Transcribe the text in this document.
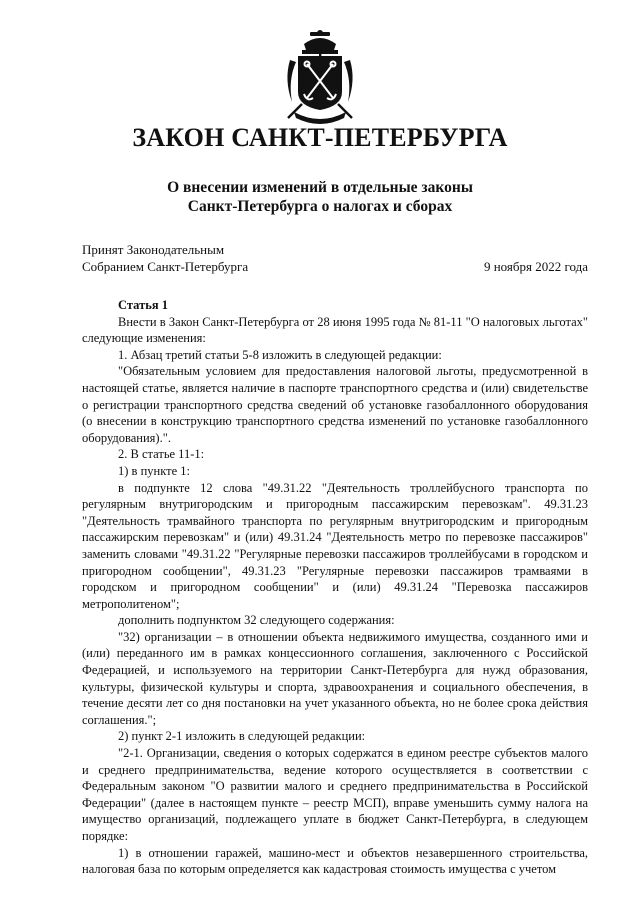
ЗАКОН САНКТ-ПЕТЕРБУРГА
О внесении изменений в отдельные законы
Санкт-Петербурга о налогах и сборах
Принят Законодательным
Собранием Санкт-Петербурга	9 ноября 2022 года

Статья 1

Внести в Закон Санкт-Петербурга от 28 июня 1995 года № 81-11 "О налоговых льготах" следующие изменения:

1. Абзац третий статьи 5-8 изложить в следующей редакции:

"Обязательным условием для предоставления налоговой льготы, предусмотренной в настоящей статье, является наличие в паспорте транспортного средства и (или) свидетельстве о регистрации транспортного средства сведений об установке газобаллонного оборудования (о внесении в конструкцию транспортного средства изменений по установке газобаллонного оборудования).".

2. В статье 11-1:

1) в пункте 1:

в подпункте 12 слова "49.31.22 "Деятельность троллейбусного транспорта по регулярным внутригородским и пригородным пассажирским перевозкам". 49.31.23 "Деятельность трамвайного транспорта по регулярным внутригородским и пригородным пассажирским перевозкам" и (или) 49.31.24 "Деятельность метро по перевозке пассажиров" заменить словами "49.31.22 "Регулярные перевозки пассажиров троллейбусами в городском и пригородном сообщении", 49.31.23 "Регулярные перевозки пассажиров трамваями в городском и пригородном сообщении" и (или) 49.31.24 "Перевозка пассажиров метрополитеном";

дополнить подпунктом 32 следующего содержания:

"32) организации – в отношении объекта недвижимого имущества, созданного ими и (или) переданного им в рамках концессионного соглашения, заключенного с Российской Федерацией, и используемого на территории Санкт-Петербурга для нужд образования, культуры, физической культуры и спорта, здравоохранения и социального обеспечения, в течение десяти лет со дня постановки на учет указанного объекта, но не более срока действия соглашения.";

2) пункт 2-1 изложить в следующей редакции:

"2-1. Организации, сведения о которых содержатся в едином реестре субъектов малого и среднего предпринимательства, ведение которого осуществляется в соответствии с Федеральным законом "О развитии малого и среднего предпринимательства в Российской Федерации" (далее в настоящем пункте – реестр МСП), вправе уменьшить сумму налога на имущество организаций, подлежащего уплате в бюджет Санкт-Петербурга, в следующем порядке:

1) в отношении гаражей, машино-мест и объектов незавершенного строительства, налоговая база по которым определяется как кадастровая стоимость имущества с учетом
